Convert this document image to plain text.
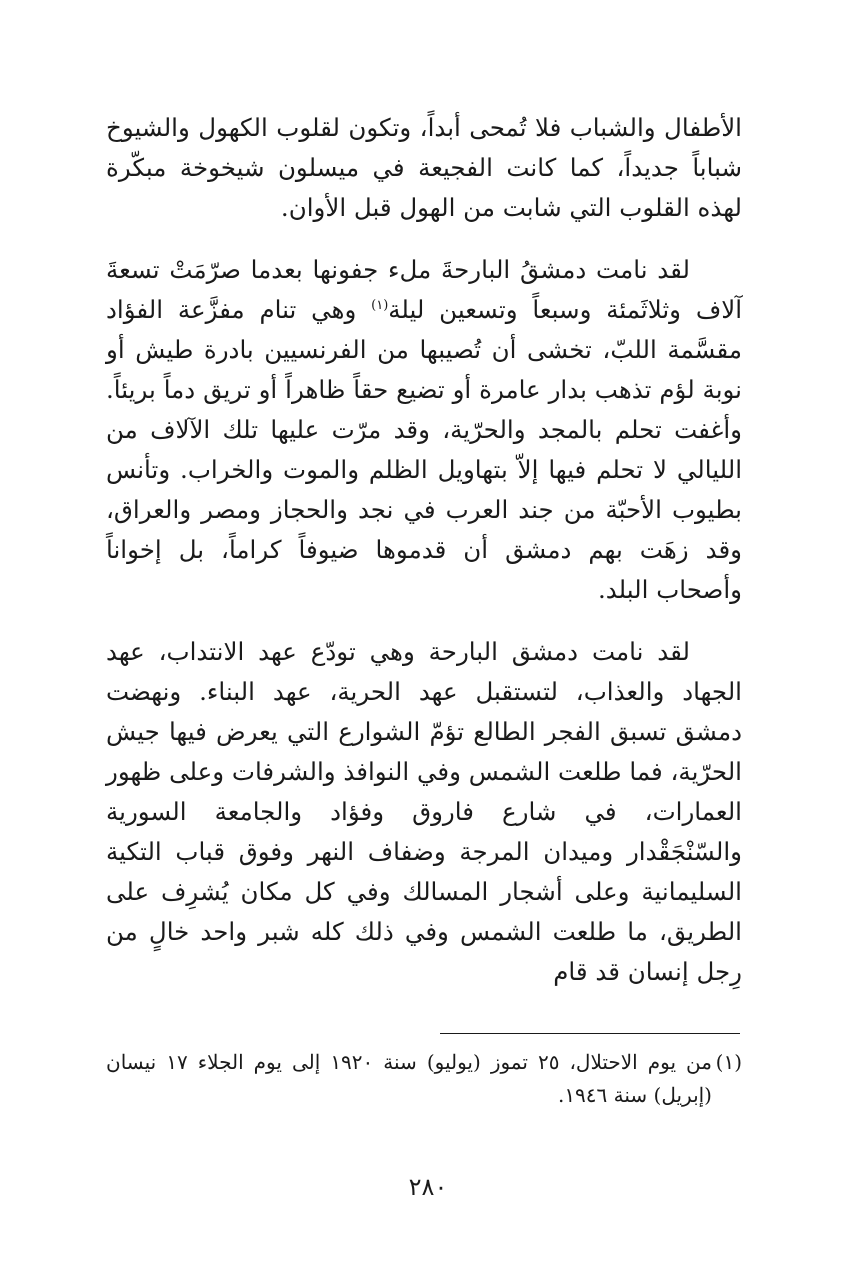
الأطفال والشباب فلا تُمحى أبداً، وتكون لقلوب الكهول والشيوخ شباباً جديداً، كما كانت الفجيعة في ميسلون شيخوخة مبكّرة لهذه القلوب التي شابت من الهول قبل الأوان.

لقد نامت دمشقُ البارحةَ ملء جفونها بعدما صرّمَتْ تسعةَ آلاف وثلاثَمئة وسبعاً وتسعين ليلة$^{(١)}$ وهي تنام مفزَّعة الفؤاد مقسَّمة اللبّ، تخشى أن تُصيبها من الفرنسيين بادرة طيش أو نوبة لؤم تذهب بدار عامرة أو تضيع حقاً ظاهراً أو تريق دماً بريئاً. وأغفت تحلم بالمجد والحرّية، وقد مرّت عليها تلك الآلاف من الليالي لا تحلم فيها إلاّ بتهاويل الظلم والموت والخراب. وتأنس بطيوب الأحبّة من جند العرب في نجد والحجاز ومصر والعراق، وقد زهَت بهم دمشق أن قدموها ضيوفاً كراماً، بل إخواناً وأصحاب البلد.

لقد نامت دمشق البارحة وهي تودّع عهد الانتداب، عهد الجهاد والعذاب، لتستقبل عهد الحرية، عهد البناء. ونهضت دمشق تسبق الفجر الطالع تؤمّ الشوارع التي يعرض فيها جيش الحرّية، فما طلعت الشمس وفي النوافذ والشرفات وعلى ظهور العمارات، في شارع فاروق وفؤاد والجامعة السورية والسّنْجَقْدار وميدان المرجة وضفاف النهر وفوق قباب التكية السليمانية وعلى أشجار المسالك وفي كل مكان يُشرِف على الطريق، ما طلعت الشمس وفي ذلك كله شبر واحد خالٍ من رِجل إنسان قد قام

(١)
من يوم الاحتلال، ٢٥ تموز (يوليو) سنة ١٩٢٠ إلى يوم الجلاء ١٧ نيسان (إبريل) سنة ١٩٤٦.
٢٨٠
